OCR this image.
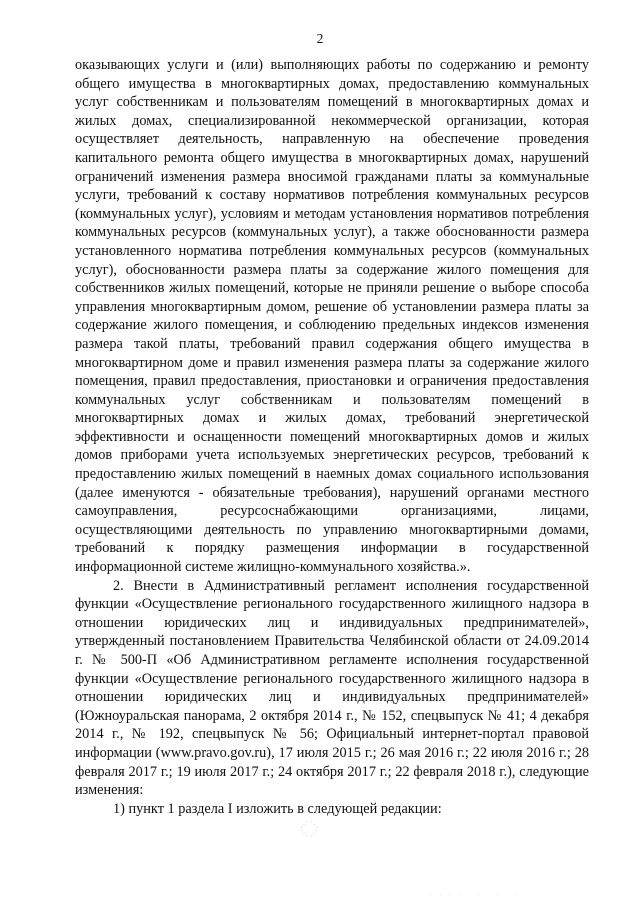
2

оказывающих услуги и (или) выполняющих работы по содержанию и ремонту общего имущества в многоквартирных домах, предоставлению коммунальных услуг собственникам и пользователям помещений в многоквартирных домах и жилых домах, специализированной некоммерческой организации, которая осуществляет деятельность, направленную на обеспечение проведения капитального ремонта общего имущества в многоквартирных домах, нарушений ограничений изменения размера вносимой гражданами платы за коммунальные услуги, требований к составу нормативов потребления коммунальных ресурсов (коммунальных услуг), условиям и методам установления нормативов потребления коммунальных ресурсов (коммунальных услуг), а также обоснованности размера установленного норматива потребления коммунальных ресурсов (коммунальных услуг), обоснованности размера платы за содержание жилого помещения для собственников жилых помещений, которые не приняли решение о выборе способа управления многоквартирным домом, решение об установлении размера платы за содержание жилого помещения, и соблюдению предельных индексов изменения размера такой платы, требований правил содержания общего имущества в многоквартирном доме и правил изменения размера платы за содержание жилого помещения, правил предоставления, приостановки и ограничения предоставления коммунальных услуг собственникам и пользователям помещений в многоквартирных домах и жилых домах, требований энергетической эффективности и оснащенности помещений многоквартирных домов и жилых домов приборами учета используемых энергетических ресурсов, требований к предоставлению жилых помещений в наемных домах социального использования (далее именуются - обязательные требования), нарушений органами местного самоуправления, ресурсоснабжающими организациями, лицами, осуществляющими деятельность по управлению многоквартирными домами, требований к порядку размещения информации в государственной информационной системе жилищно-коммунального хозяйства.».

2. Внести в Административный регламент исполнения государственной функции «Осуществление регионального государственного жилищного надзора в отношении юридических лиц и индивидуальных предпринимателей», утвержденный постановлением Правительства Челябинской области от 24.09.2014 г. № 500-П «Об Административном регламенте исполнения государственной функции «Осуществление регионального государственного жилищного надзора в отношении юридических лиц и индивидуальных предпринимателей» (Южноуральская панорама, 2 октября 2014 г., № 152, спецвыпуск № 41; 4 декабря 2014 г., № 192, спецвыпуск № 56; Официальный интернет-портал правовой информации (www.pravo.gov.ru), 17 июля 2015 г.; 26 мая 2016 г.; 22 июля 2016 г.; 28 февраля 2017 г.; 19 июля 2017 г.; 24 октября 2017 г.; 22 февраля 2018 г.), следующие изменения:

1) пункт 1 раздела I изложить в следующей редакции:

⋰⋱
⋱⋰
· · · · · · · · · ·
